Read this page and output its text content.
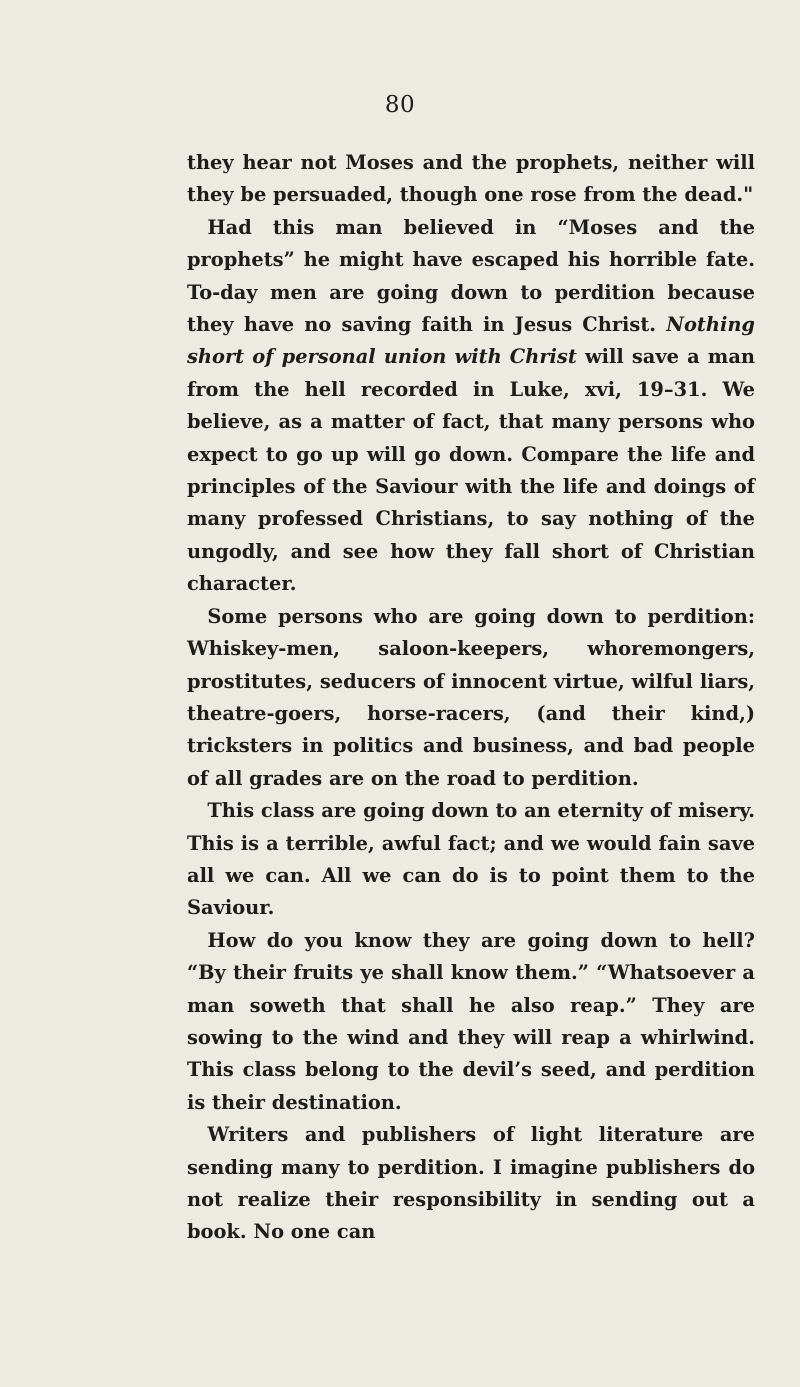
80

they hear not Moses and the prophets, neither will they be persuaded, though one rose from the dead."

Had this man believed in “Moses and the prophets” he might have escaped his horrible fate. To-day men are going down to perdition because they have no saving faith in Jesus Christ. Nothing short of personal union with Christ will save a man from the hell recorded in Luke, xvi, 19–31. We believe, as a matter of fact, that many persons who expect to go up will go down. Compare the life and principles of the Saviour with the life and doings of many professed Christians, to say nothing of the ungodly, and see how they fall short of Christian character.

Some persons who are going down to perdition: Whiskey-men, saloon-keepers, whoremongers, prostitutes, seducers of innocent virtue, wilful liars, theatre-goers, horse-racers, (and their kind,) tricksters in politics and business, and bad people of all grades are on the road to perdition.

This class are going down to an eternity of misery. This is a terrible, awful fact; and we would fain save all we can. All we can do is to point them to the Saviour.

How do you know they are going down to hell? “By their fruits ye shall know them.” “Whatsoever a man soweth that shall he also reap.” They are sowing to the wind and they will reap a whirlwind. This class belong to the devil’s seed, and perdition is their destination.

Writers and publishers of light literature are sending many to perdition. I imagine publishers do not realize their responsibility in sending out a book. No one can
